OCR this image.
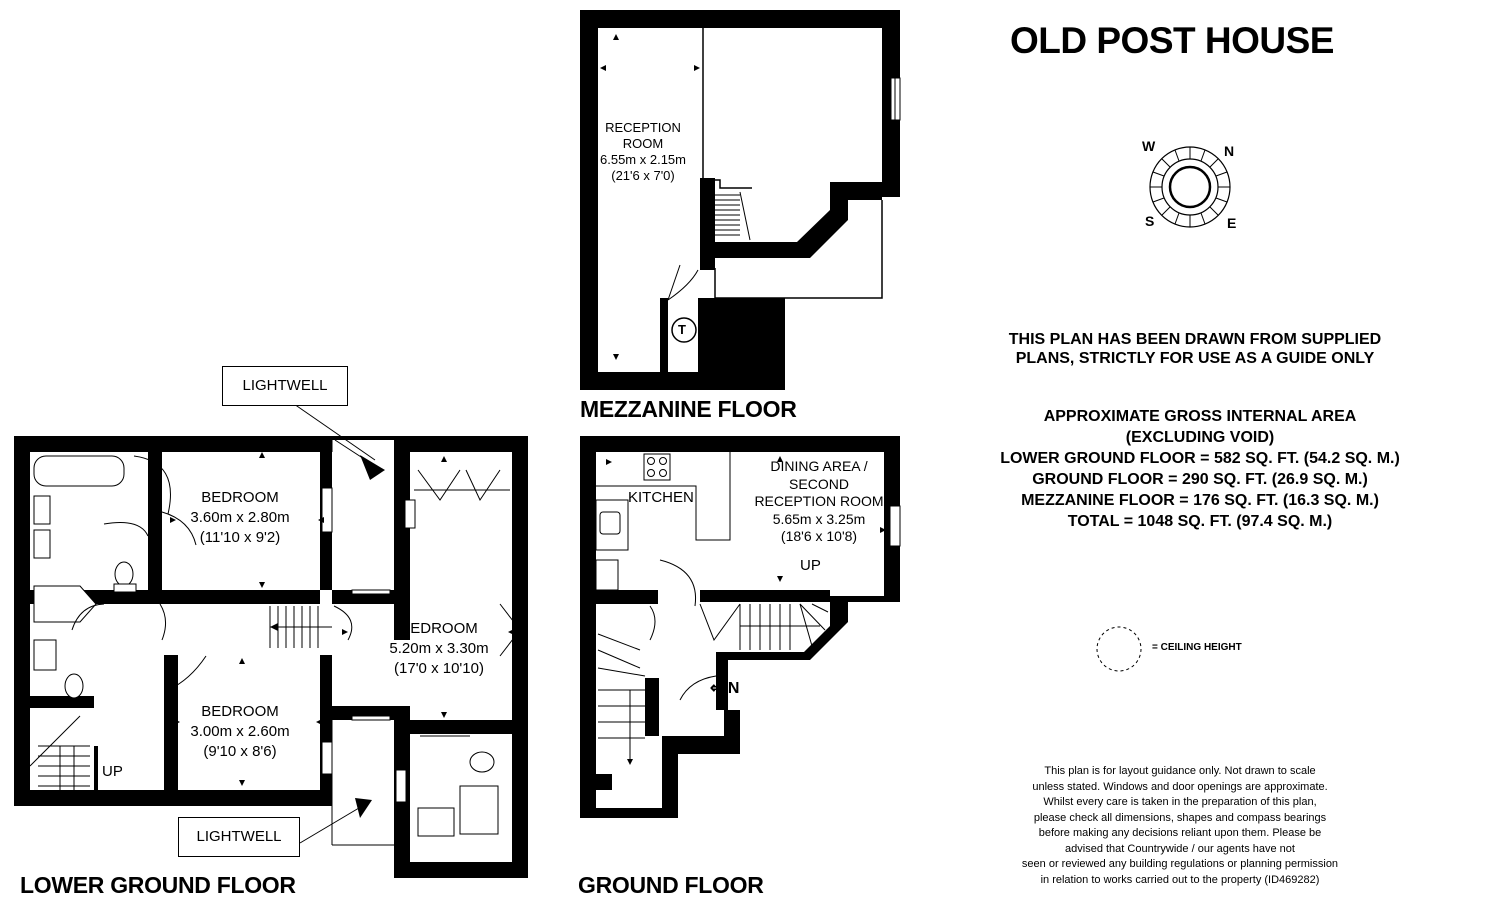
OLD POST HOUSE
W	N
S	E
THIS PLAN HAS BEEN DRAWN FROM SUPPLIED
PLANS, STRICTLY FOR USE AS A GUIDE ONLY
APPROXIMATE GROSS INTERNAL AREA
(EXCLUDING VOID)
LOWER GROUND FLOOR = 582 SQ. FT. (54.2 SQ. M.)
GROUND FLOOR = 290 SQ. FT. (26.9 SQ. M.)
MEZZANINE FLOOR = 176 SQ. FT. (16.3 SQ. M.)
TOTAL = 1048 SQ. FT. (97.4 SQ. M.)
= CEILING HEIGHT
This plan is for layout guidance only. Not drawn to scale
unless stated. Windows and door openings are approximate.
Whilst every care is taken in the preparation of this plan,
please check all dimensions, shapes and compass bearings
before making any decisions reliant upon them. Please be
advised that Countrywide / our agents have not
seen or reviewed any building regulations or planning permission
in relation to works carried out to the property (ID469282)
MEZZANINE FLOOR
LOWER GROUND FLOOR	GROUND FLOOR
RECEPTION
ROOM
6.55m x 2.15m
(21'6 x 7'0)
T
LIGHTWELL
LIGHTWELL
BEDROOM
3.60m x 2.80m
(11'10 x 9'2)
BEDROOM
5.20m x 3.30m
(17'0 x 10'10)
BEDROOM
3.00m x 2.60m
(9'10 x 8'6)
UP
KITCHEN
DINING AREA /
SECOND
RECEPTION ROOM
5.65m x 3.25m
(18'6 x 10'8)
UP
⇐IN
